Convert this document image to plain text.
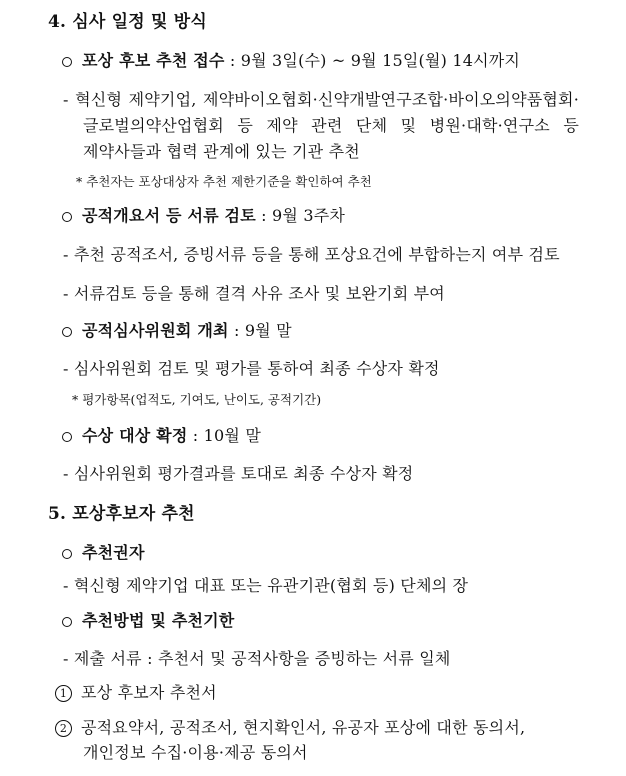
4. 심사 일정 및 방식
포상 후보 추천 접수 : 9월 3일(수) ~ 9월 15일(월) 14시까지
- 혁신형 제약기업, 제약바이오협회·신약개발연구조합·바이오의약품협회·
글로벌의약산업협회 등 제약 관련 단체 및 병원·대학·연구소 등
제약사들과 협력 관계에 있는 기관 추천
* 추천자는 포상대상자 추천 제한기준을 확인하여 추천
공적개요서 등 서류 검토 : 9월 3주차
- 추천 공적조서, 증빙서류 등을 통해 포상요건에 부합하는지 여부 검토
- 서류검토 등을 통해 결격 사유 조사 및 보완기회 부여
공적심사위원회 개최 : 9월 말
- 심사위원회 검토 및 평가를 통하여 최종 수상자 확정
* 평가항목(업적도, 기여도, 난이도, 공적기간)
수상 대상 확정 : 10월 말
- 심사위원회 평가결과를 토대로 최종 수상자 확정
5. 포상후보자 추천
추천권자
- 혁신형 제약기업 대표 또는 유관기관(협회 등) 단체의 장
추천방법 및 추천기한
- 제출 서류 : 추천서 및 공적사항을 증빙하는 서류 일체
1 포상 후보자 추천서
2 공적요약서, 공적조서, 현지확인서, 유공자 포상에 대한 동의서,
개인정보 수집·이용·제공 동의서
